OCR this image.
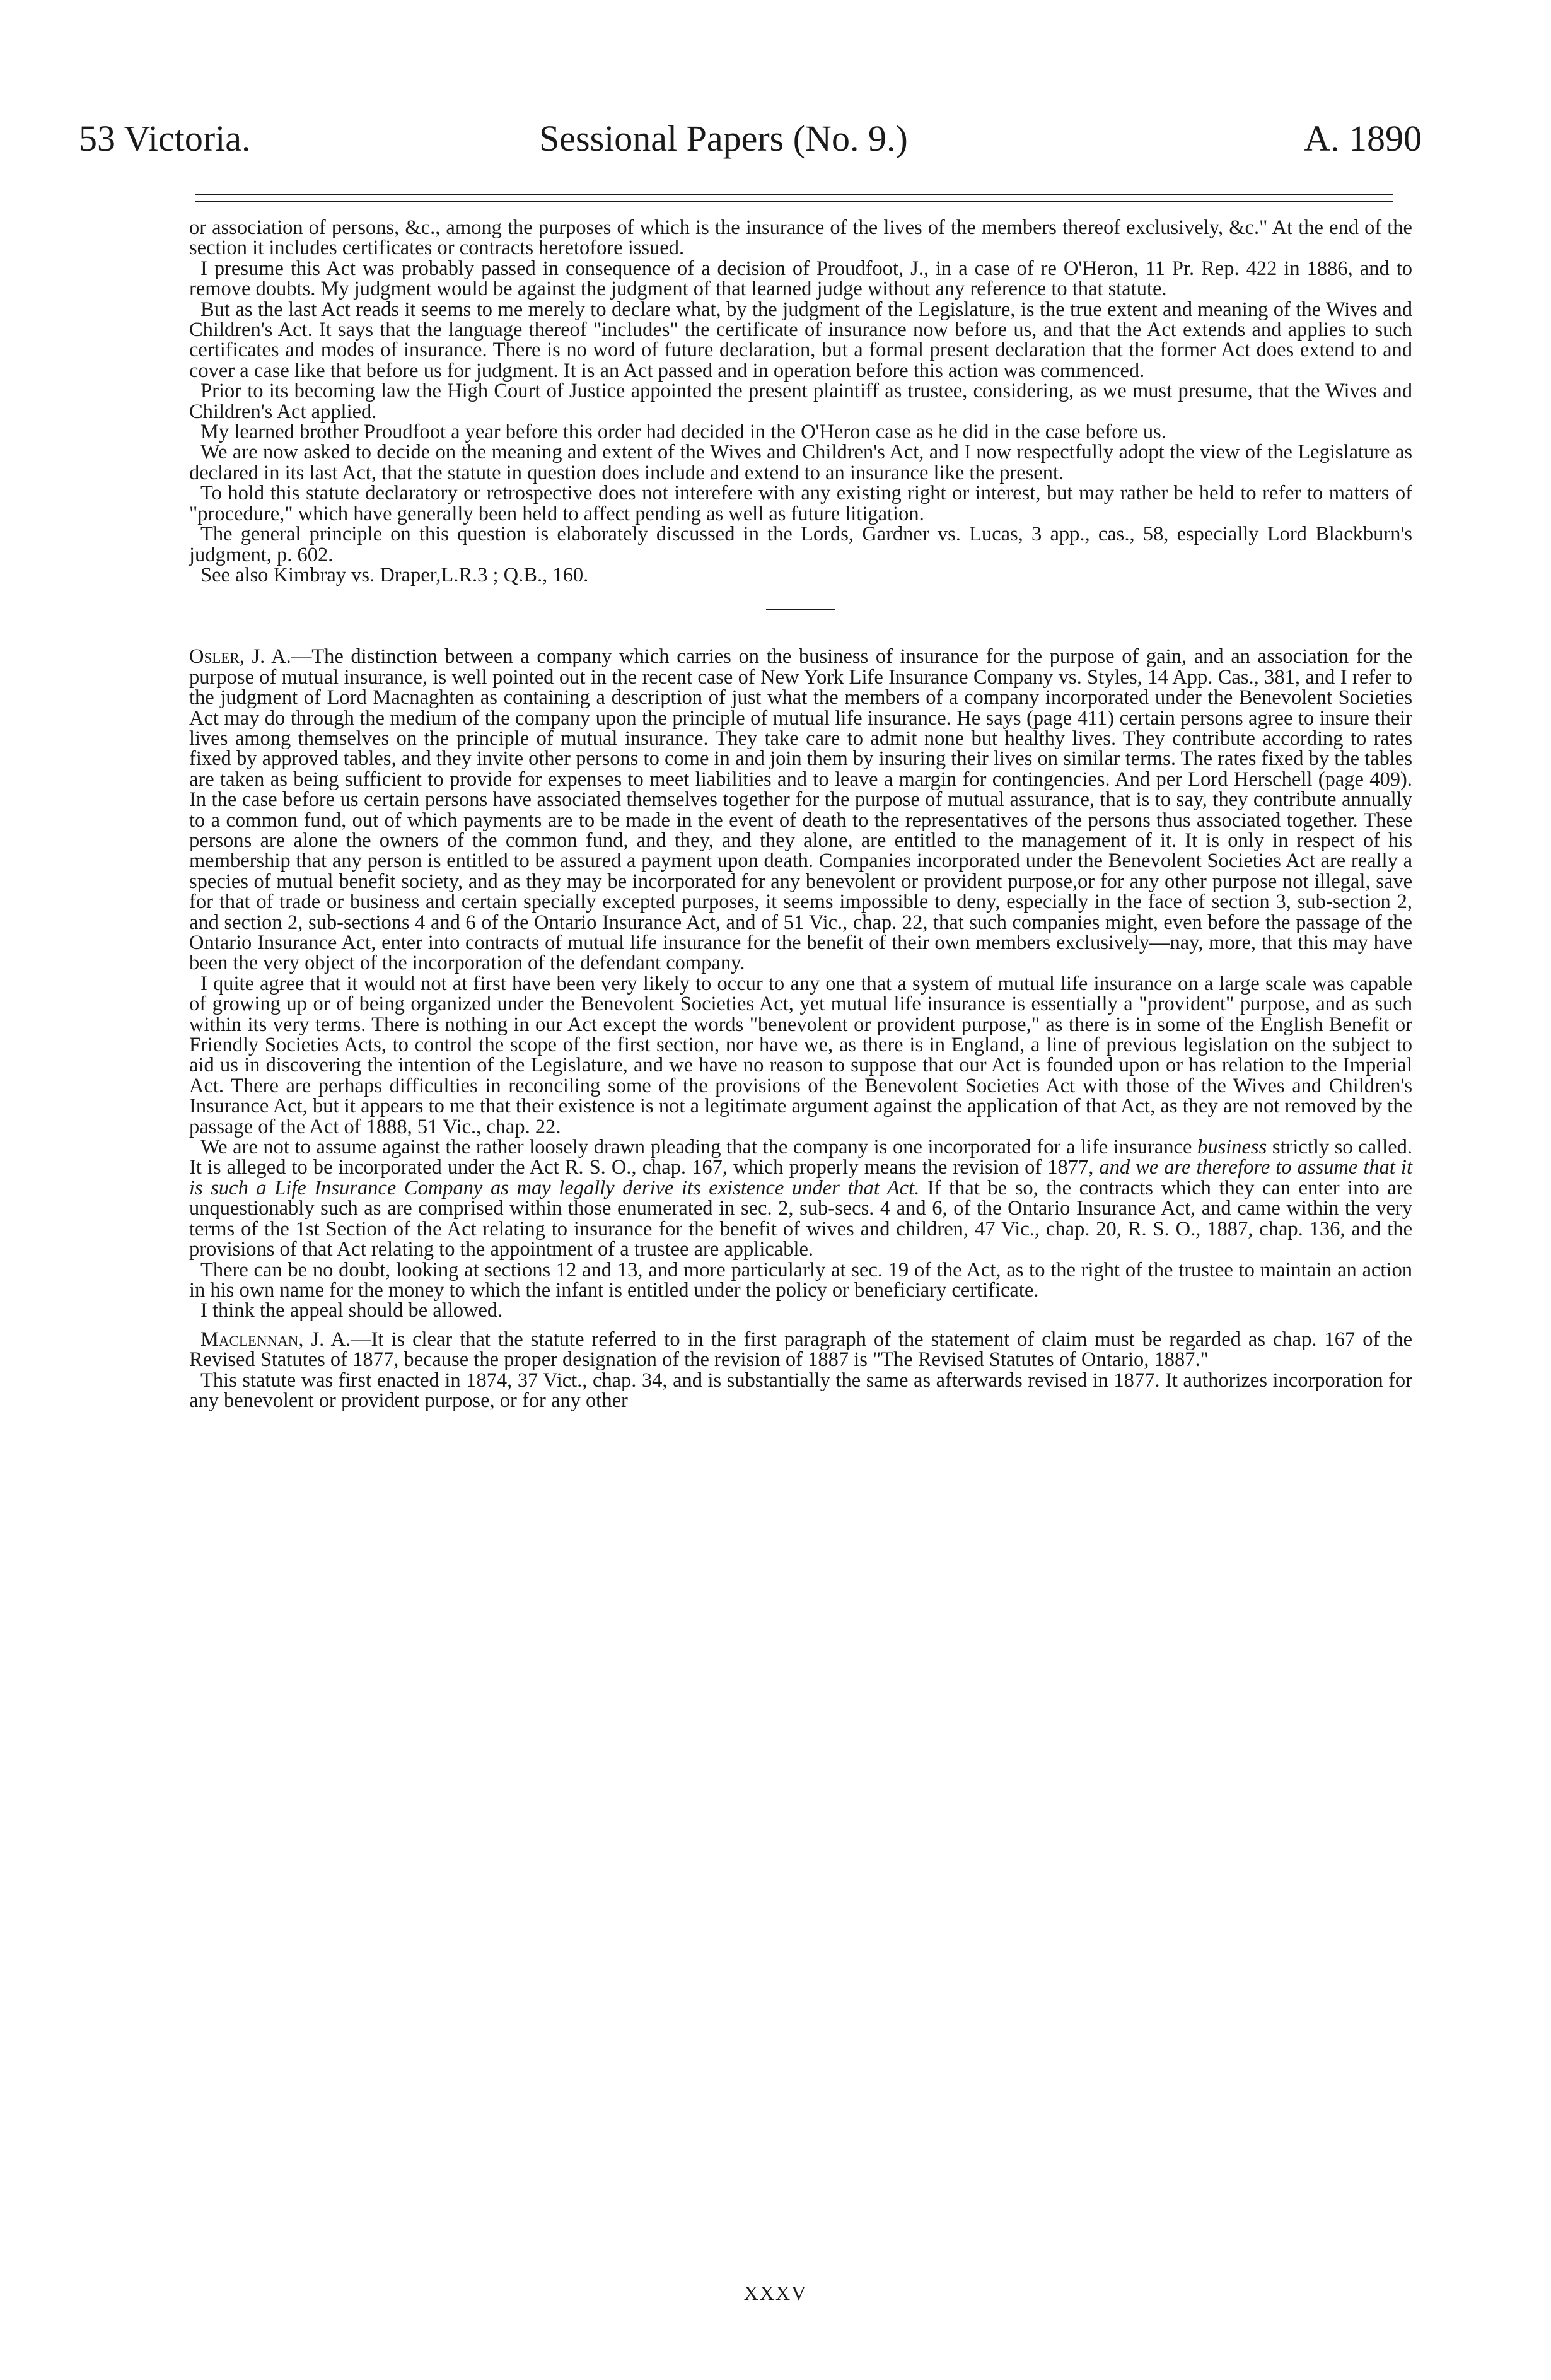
53 Victoria.	Sessional Papers (No. 9.)	A. 1890

or association of persons, &c., among the purposes of which is the insurance of the lives of the members thereof exclusively, &c." At the end of the section it includes certificates or contracts heretofore issued.

I presume this Act was probably passed in consequence of a decision of Proudfoot, J., in a case of re O'Heron, 11 Pr. Rep. 422 in 1886, and to remove doubts. My judgment would be against the judgment of that learned judge without any reference to that statute.

But as the last Act reads it seems to me merely to declare what, by the judgment of the Legislature, is the true extent and meaning of the Wives and Children's Act. It says that the language thereof "includes" the certificate of insurance now before us, and that the Act extends and applies to such certificates and modes of insurance. There is no word of future declaration, but a formal present declaration that the former Act does extend to and cover a case like that before us for judgment. It is an Act passed and in operation before this action was commenced.

Prior to its becoming law the High Court of Justice appointed the present plaintiff as trustee, considering, as we must presume, that the Wives and Children's Act applied.

My learned brother Proudfoot a year before this order had decided in the O'Heron case as he did in the case before us.

We are now asked to decide on the meaning and extent of the Wives and Children's Act, and I now respectfully adopt the view of the Legislature as declared in its last Act, that the statute in question does include and extend to an insurance like the present.

To hold this statute declaratory or retrospective does not interefere with any existing right or interest, but may rather be held to refer to matters of "procedure," which have generally been held to affect pending as well as future litigation.

The general principle on this question is elaborately discussed in the Lords, Gardner vs. Lucas, 3 app., cas., 58, especially Lord Blackburn's judgment, p. 602.

See also Kimbray vs. Draper,L.R.3 ; Q.B., 160.

Osler, J. A.—The distinction between a company which carries on the business of insurance for the purpose of gain, and an association for the purpose of mutual insurance, is well pointed out in the recent case of New York Life Insurance Company vs. Styles, 14 App. Cas., 381, and I refer to the judgment of Lord Macnaghten as containing a description of just what the members of a company incorporated under the Benevolent Societies Act may do through the medium of the company upon the principle of mutual life insurance. He says (page 411) certain persons agree to insure their lives among themselves on the principle of mutual insurance. They take care to admit none but healthy lives. They contribute according to rates fixed by approved tables, and they invite other persons to come in and join them by insuring their lives on similar terms. The rates fixed by the tables are taken as being sufficient to provide for expenses to meet liabilities and to leave a margin for contingencies. And per Lord Herschell (page 409). In the case before us certain persons have associated themselves together for the purpose of mutual assurance, that is to say, they contribute annually to a common fund, out of which payments are to be made in the event of death to the representatives of the persons thus associated together. These persons are alone the owners of the common fund, and they, and they alone, are entitled to the management of it. It is only in respect of his membership that any person is entitled to be assured a payment upon death. Companies incorporated under the Benevolent Societies Act are really a species of mutual benefit society, and as they may be incorporated for any benevolent or provident purpose,or for any other purpose not illegal, save for that of trade or business and certain specially excepted purposes, it seems impossible to deny, especially in the face of section 3, sub-section 2, and section 2, sub-sections 4 and 6 of the Ontario Insurance Act, and of 51 Vic., chap. 22, that such companies might, even before the passage of the Ontario Insurance Act, enter into contracts of mutual life insurance for the benefit of their own members exclusively—nay, more, that this may have been the very object of the incorporation of the defendant company.

I quite agree that it would not at first have been very likely to occur to any one that a system of mutual life insurance on a large scale was capable of growing up or of being organized under the Benevolent Societies Act, yet mutual life insurance is essentially a "provident" purpose, and as such within its very terms. There is nothing in our Act except the words "benevolent or provident purpose," as there is in some of the English Benefit or Friendly Societies Acts, to control the scope of the first section, nor have we, as there is in England, a line of previous legislation on the subject to aid us in discovering the intention of the Legislature, and we have no reason to suppose that our Act is founded upon or has relation to the Imperial Act. There are perhaps difficulties in reconciling some of the provisions of the Benevolent Societies Act with those of the Wives and Children's Insurance Act, but it appears to me that their existence is not a legitimate argument against the application of that Act, as they are not removed by the passage of the Act of 1888, 51 Vic., chap. 22.

We are not to assume against the rather loosely drawn pleading that the company is one incorporated for a life insurance business strictly so called. It is alleged to be incorporated under the Act R. S. O., chap. 167, which properly means the revision of 1877, and we are therefore to assume that it is such a Life Insurance Company as may legally derive its existence under that Act. If that be so, the contracts which they can enter into are unquestionably such as are comprised within those enumerated in sec. 2, sub-secs. 4 and 6, of the Ontario Insurance Act, and came within the very terms of the 1st Section of the Act relating to insurance for the benefit of wives and children, 47 Vic., chap. 20, R. S. O., 1887, chap. 136, and the provisions of that Act relating to the appointment of a trustee are applicable.

There can be no doubt, looking at sections 12 and 13, and more particularly at sec. 19 of the Act, as to the right of the trustee to maintain an action in his own name for the money to which the infant is entitled under the policy or beneficiary certificate.

I think the appeal should be allowed.

Maclennan, J. A.—It is clear that the statute referred to in the first paragraph of the statement of claim must be regarded as chap. 167 of the Revised Statutes of 1877, because the proper designation of the revision of 1887 is "The Revised Statutes of Ontario, 1887."

This statute was first enacted in 1874, 37 Vict., chap. 34, and is substantially the same as afterwards revised in 1877. It authorizes incorporation for any benevolent or provident purpose, or for any other

XXXV
